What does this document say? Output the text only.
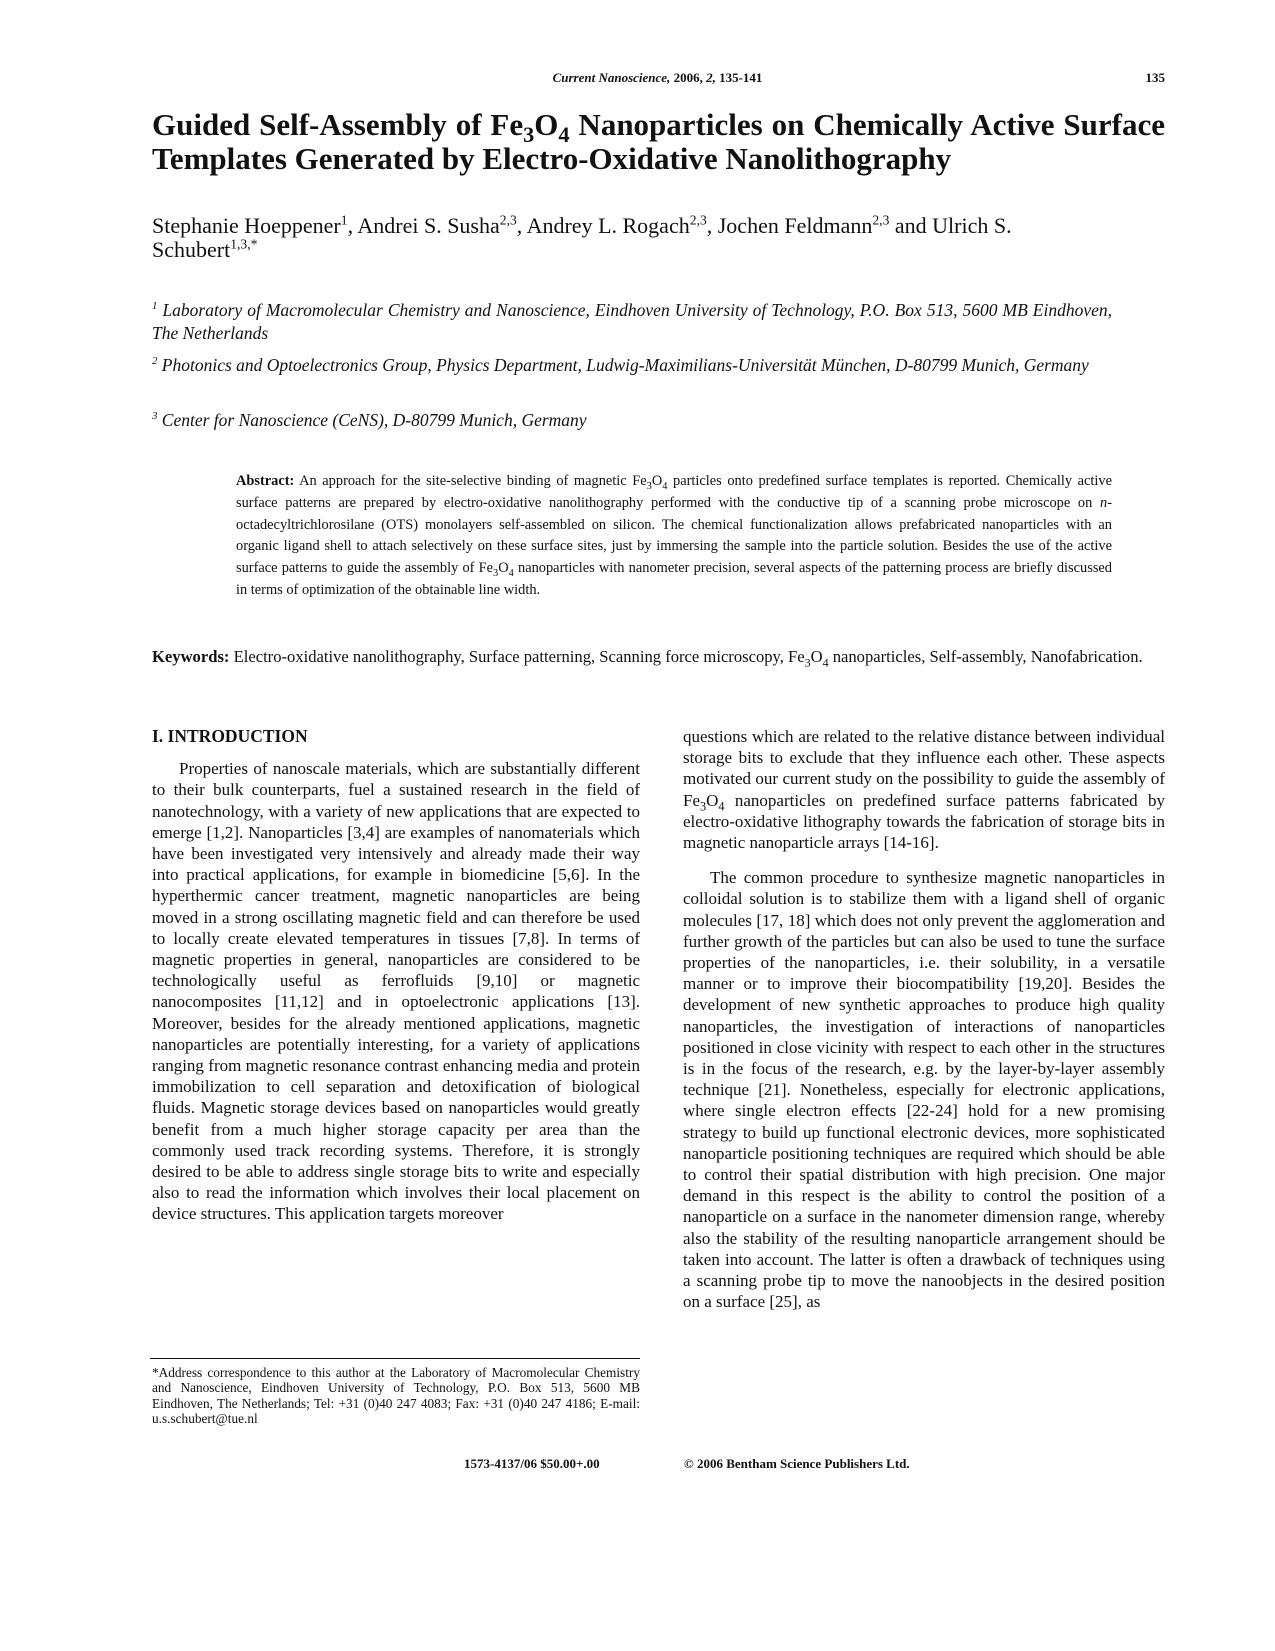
Current Nanoscience, 2006, 2, 135-141	135
Guided Self-Assembly of $Fe_3O_4$ Nanoparticles on Chemically Active Surface Templates Generated by Electro-Oxidative Nanolithography

Stephanie Hoeppener$^1$, Andrei S. Susha$^{2,3}$, Andrey L. Rogach$^{2,3}$, Jochen Feldmann$^{2,3}$ and Ulrich S. Schubert$^{1,3,*}$

$^1$ Laboratory of Macromolecular Chemistry and Nanoscience, Eindhoven University of Technology, P.O. Box 513, 5600 MB Eindhoven, The Netherlands

$^2$ Photonics and Optoelectronics Group, Physics Department, Ludwig-Maximilians-Universität München, D-80799 Munich, Germany

$^3$ Center for Nanoscience (CeNS), D-80799 Munich, Germany

Abstract: An approach for the site-selective binding of magnetic $Fe_3O_4$ particles onto predefined surface templates is reported. Chemically active surface patterns are prepared by electro-oxidative nanolithography performed with the conductive tip of a scanning probe microscope on n-octadecyltrichlorosilane (OTS) monolayers self-assembled on silicon. The chemical functionalization allows prefabricated nanoparticles with an organic ligand shell to attach selectively on these surface sites, just by immersing the sample into the particle solution. Besides the use of the active surface patterns to guide the assembly of $Fe_3O_4$ nanoparticles with nanometer precision, several aspects of the patterning process are briefly discussed in terms of optimization of the obtainable line width.

Keywords: Electro-oxidative nanolithography, Surface patterning, Scanning force microscopy, $Fe_3O_4$ nanoparticles, Self-assembly, Nanofabrication.

I. INTRODUCTION

Properties of nanoscale materials, which are substantially different to their bulk counterparts, fuel a sustained research in the field of nanotechnology, with a variety of new applications that are expected to emerge [1,2]. Nanoparticles [3,4] are examples of nanomaterials which have been investigated very intensively and already made their way into practical applications, for example in biomedicine [5,6]. In the hyperthermic cancer treatment, magnetic nanoparticles are being moved in a strong oscillating magnetic field and can therefore be used to locally create elevated temperatures in tissues [7,8]. In terms of magnetic properties in general, nanoparticles are considered to be technologically useful as ferrofluids [9,10] or magnetic nanocomposites [11,12] and in optoelectronic applications [13]. Moreover, besides for the already mentioned applications, magnetic nanoparticles are potentially interesting, for a variety of applications ranging from magnetic resonance contrast enhancing media and protein immobilization to cell separation and detoxification of biological fluids. Magnetic storage devices based on nanoparticles would greatly benefit from a much higher storage capacity per area than the commonly used track recording systems. Therefore, it is strongly desired to be able to address single storage bits to write and especially also to read the information which involves their local placement on device structures. This application targets moreover

questions which are related to the relative distance between individual storage bits to exclude that they influence each other. These aspects motivated our current study on the possibility to guide the assembly of $Fe_3O_4$ nanoparticles on predefined surface patterns fabricated by electro-oxidative lithography towards the fabrication of storage bits in magnetic nanoparticle arrays [14-16].

The common procedure to synthesize magnetic nanoparticles in colloidal solution is to stabilize them with a ligand shell of organic molecules [17, 18] which does not only prevent the agglomeration and further growth of the particles but can also be used to tune the surface properties of the nanoparticles, i.e. their solubility, in a versatile manner or to improve their biocompatibility [19,20]. Besides the development of new synthetic approaches to produce high quality nanoparticles, the investigation of interactions of nanoparticles positioned in close vicinity with respect to each other in the structures is in the focus of the research, e.g. by the layer-by-layer assembly technique [21]. Nonetheless, especially for electronic applications, where single electron effects [22-24] hold for a new promising strategy to build up functional electronic devices, more sophisticated nanoparticle positioning techniques are required which should be able to control their spatial distribution with high precision. One major demand in this respect is the ability to control the position of a nanoparticle on a surface in the nanometer dimension range, whereby also the stability of the resulting nanoparticle arrangement should be taken into account. The latter is often a drawback of techniques using a scanning probe tip to move the nanoobjects in the desired position on a surface [25], as

*Address correspondence to this author at the Laboratory of Macromolecular Chemistry and Nanoscience, Eindhoven University of Technology, P.O. Box 513, 5600 MB Eindhoven, The Netherlands; Tel: +31 (0)40 247 4083; Fax: +31 (0)40 247 4186; E-mail: u.s.schubert@tue.nl

1573-4137/06 $50.00+.00	© 2006 Bentham Science Publishers Ltd.
